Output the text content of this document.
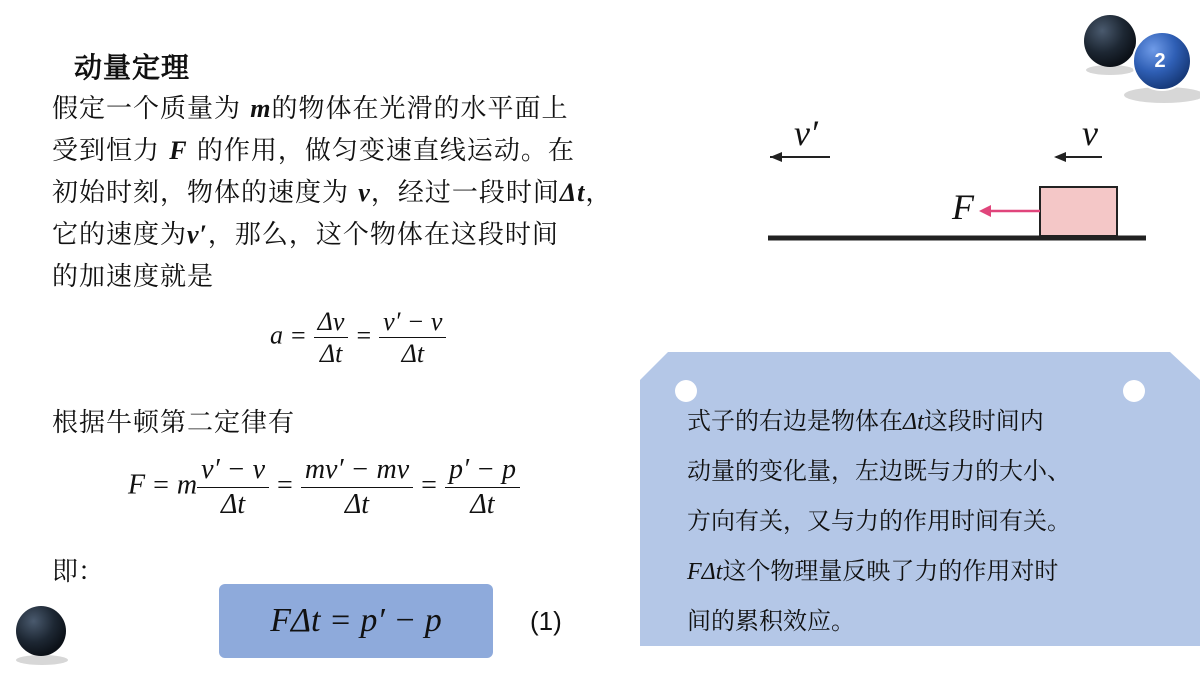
动量定理
假定一个质量为 m的物体在光滑的水平面上
受到恒力 F 的作用，做匀变速直线运动。在
初始时刻，物体的速度为 v，经过一段时间Δt，
它的速度为v′，那么，这个物体在这段时间
的加速度就是
$a = \frac{\Delta v}{\Delta t} = \frac{v' - v}{\Delta t}$
根据牛顿第二定律有
F = m $\frac{v' - v}{\Delta t} = \frac{mv' - mv}{\Delta t} = \frac{p' - p}{\Delta t}$
即：
FΔt = p′ − p	(1)
v′	v
F
式子的右边是物体在Δt这段时间内
动量的变化量，左边既与力的大小、
方向有关，又与力的作用时间有关。
FΔt这个物理量反映了力的作用对时
间的累积效应。
2
